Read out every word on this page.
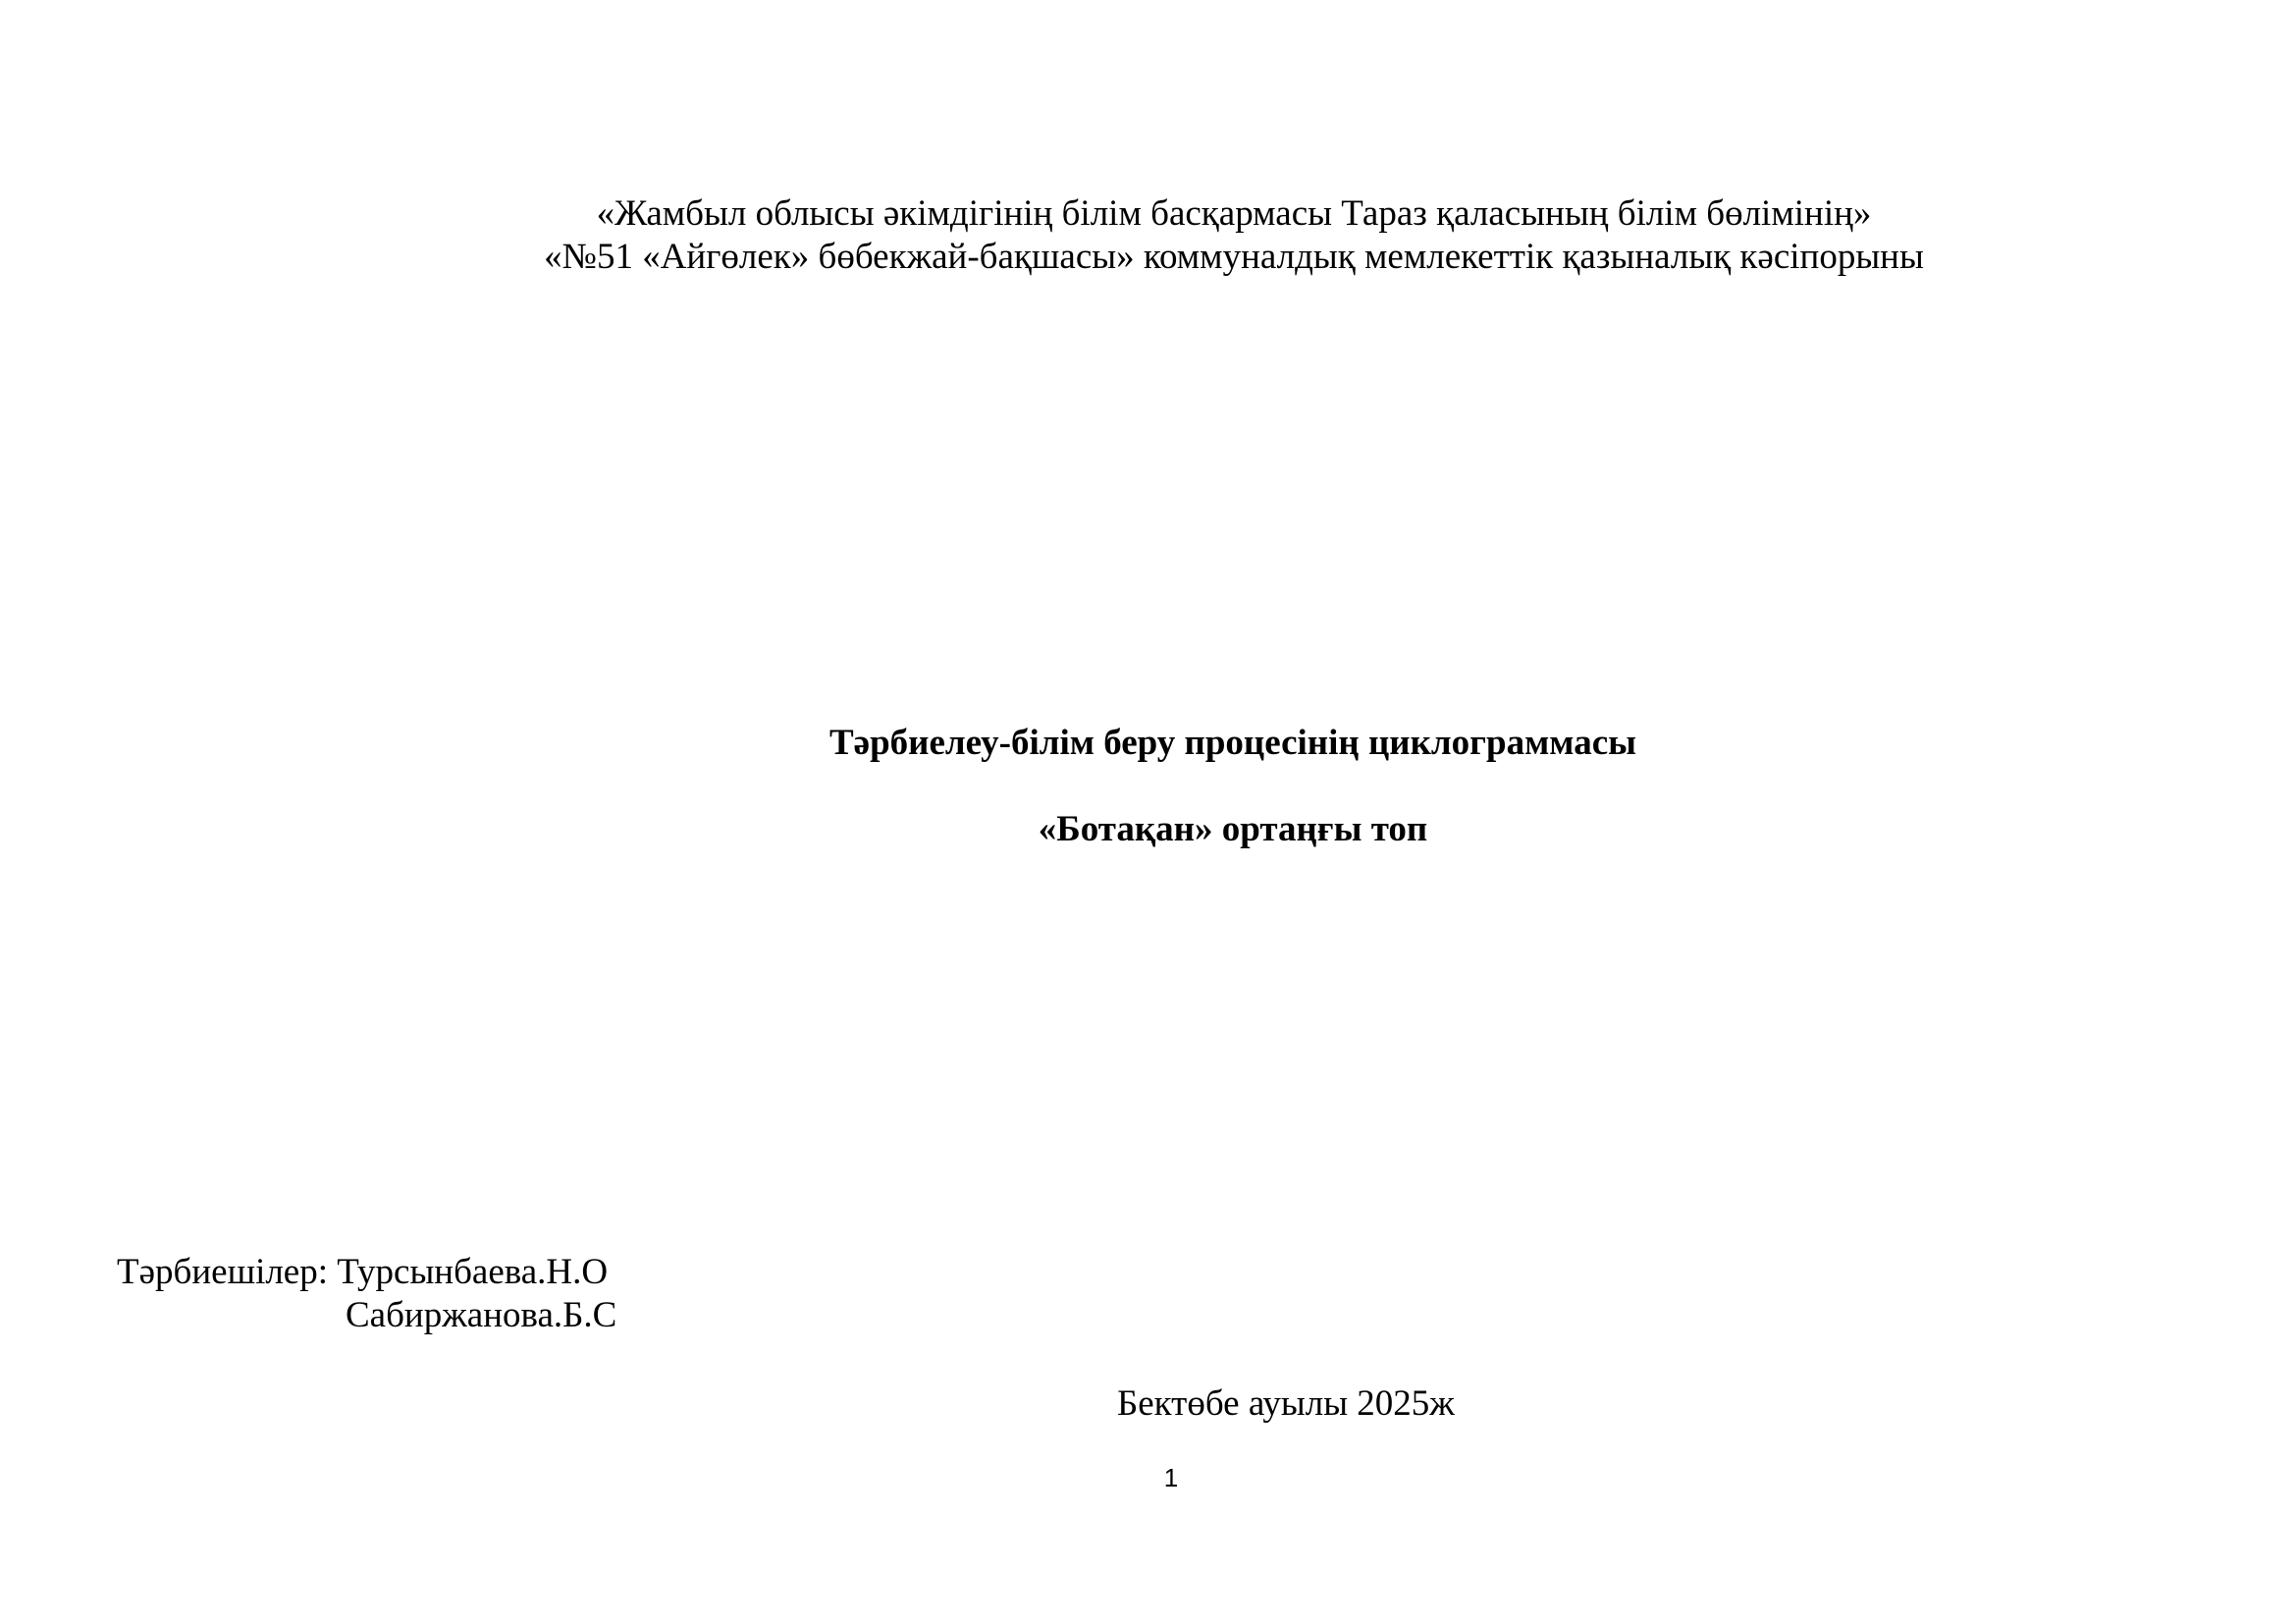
«Жамбыл облысы әкімдігінің білім басқармасы Тараз қаласының білім бөлімінің»
«№51 «Айгөлек» бөбекжай-бақшасы» коммуналдық мемлекеттік қазыналық кәсіпорыны
Тәрбиелеу-білім беру процесінің циклограммасы
«Ботақан» ортаңғы топ
Тәрбиешілер: Турсынбаева.Н.О
Сабиржанова.Б.С
Бектөбе ауылы 2025ж
1
